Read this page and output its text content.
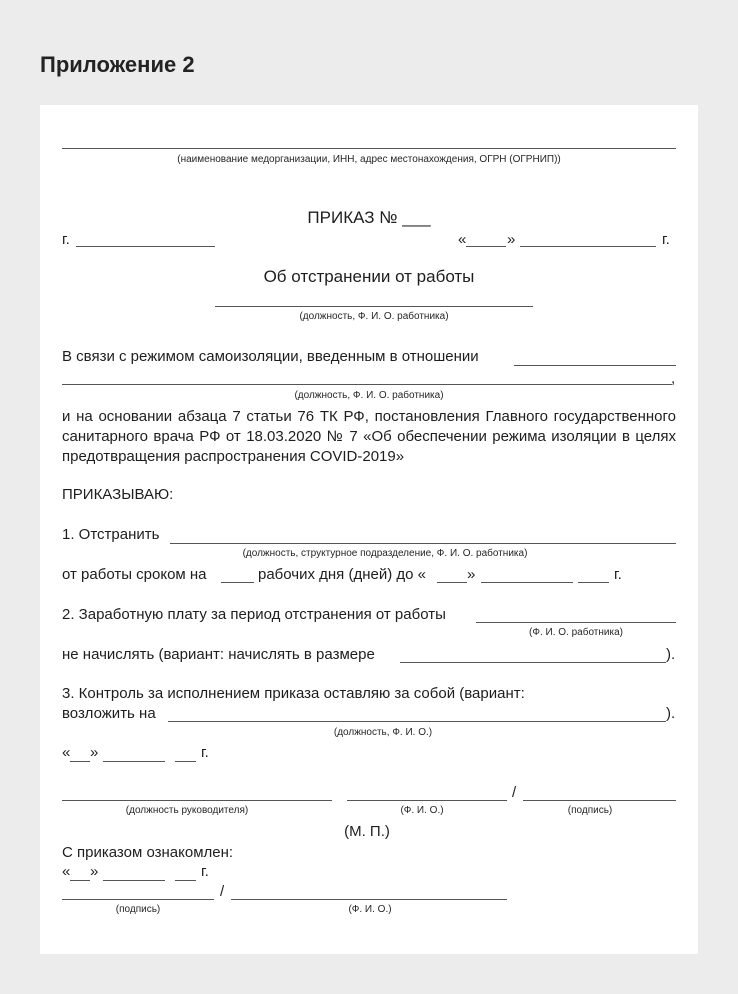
Приложение 2
(наименование медорганизации, ИНН, адрес местонахождения, ОГРН (ОГРНИП))
ПРИКАЗ № ___
г.	«	»	г.
Об отстранении от работы
(должность, Ф. И. О. работника)
В связи с режимом самоизоляции, введенным в отношении
,
(должность, Ф. И. О. работника)
и на основании абзаца 7 статьи 76 ТК РФ, постановления Главного государственного санитарного врача РФ от 18.03.2020 № 7 «Об обеспечении режима изоляции в целях предотвращения распространения COVID-2019»
ПРИКАЗЫВАЮ:
1. Отстранить
(должность, структурное подразделение, Ф. И. О. работника)
от работы сроком на	рабочих дня (дней) до «	»	г.
2. Заработную плату за период отстранения от работы
(Ф. И. О. работника)
не начислять (вариант: начислять в размере	).
3. Контроль за исполнением приказа оставляю за собой (вариант:
возложить на	).
(должность, Ф. И. О.)
« »	г.
/
(должность руководителя)	(Ф. И. О.)	(подпись)
(М. П.)
С приказом ознакомлен:
« »	г.
/
(подпись)	(Ф. И. О.)
